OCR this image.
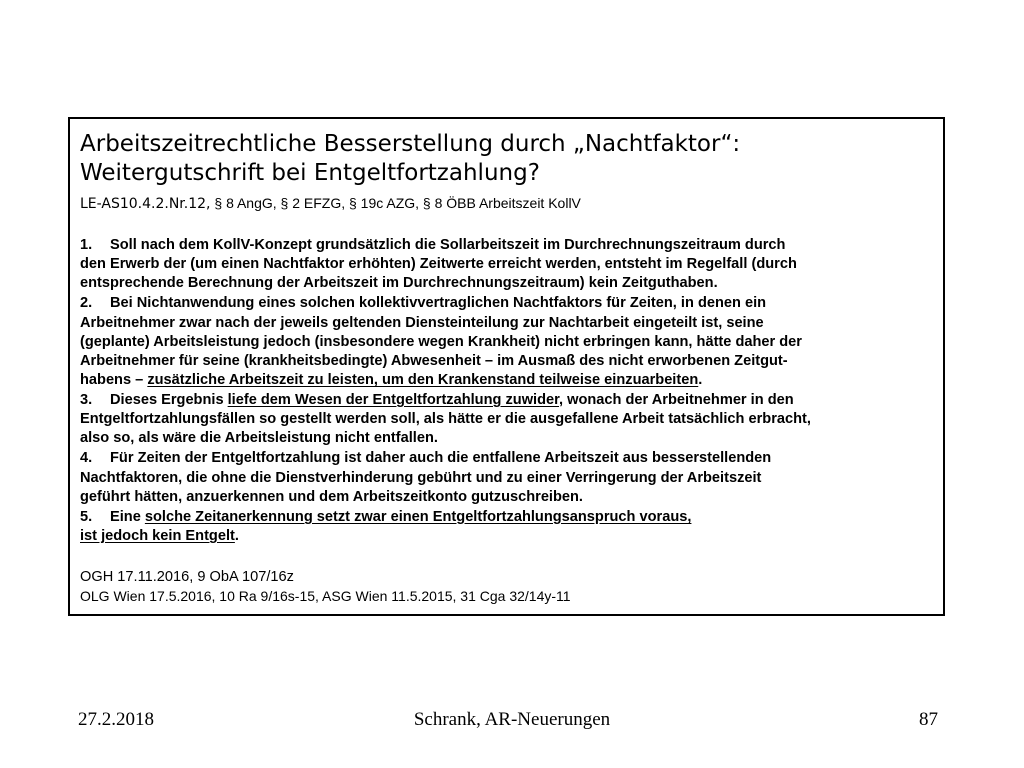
Arbeitszeitrechtliche Besserstellung durch „Nachtfaktor“:
Weitergutschrift bei Entgeltfortzahlung?
LE-AS10.4.2.Nr.12, § 8 AngG, § 2 EFZG, § 19c AZG, § 8 ÖBB Arbeitszeit KollV
1. Soll nach dem KollV-Konzept grundsätzlich die Sollarbeitszeit im Durchrechnungszeitraum durch
den Erwerb der (um einen Nachtfaktor erhöhten) Zeitwerte erreicht werden, entsteht im Regelfall (durch
entsprechende Berechnung der Arbeitszeit im Durchrechnungszeitraum) kein Zeitguthaben.
2. Bei Nichtanwendung eines solchen kollektivvertraglichen Nachtfaktors für Zeiten, in denen ein
Arbeitnehmer zwar nach der jeweils geltenden Diensteinteilung zur Nachtarbeit eingeteilt ist, seine
(geplante) Arbeitsleistung jedoch (insbesondere wegen Krankheit) nicht erbringen kann, hätte daher der
Arbeitnehmer für seine (krankheitsbedingte) Abwesenheit – im Ausmaß des nicht erworbenen Zeitgut-
habens – zusätzliche Arbeitszeit zu leisten, um den Krankenstand teilweise einzuarbeiten.
3. Dieses Ergebnis liefe dem Wesen der Entgeltfortzahlung zuwider, wonach der Arbeitnehmer in den
Entgeltfortzahlungsfällen so gestellt werden soll, als hätte er die ausgefallene Arbeit tatsächlich erbracht,
also so, als wäre die Arbeitsleistung nicht entfallen.
4. Für Zeiten der Entgeltfortzahlung ist daher auch die entfallene Arbeitszeit aus besserstellenden
Nachtfaktoren, die ohne die Dienstverhinderung gebührt und zu einer Verringerung der Arbeitszeit
geführt hätten, anzuerkennen und dem Arbeitszeitkonto gutzuschreiben.
5. Eine solche Zeitanerkennung setzt zwar einen Entgeltfortzahlungsanspruch voraus,
ist jedoch kein Entgelt.
OGH 17.11.2016, 9 ObA 107/16z
OLG Wien 17.5.2016, 10 Ra 9/16s-15, ASG Wien 11.5.2015, 31 Cga 32/14y-11
27.2.2018	Schrank, AR-Neuerungen	87
